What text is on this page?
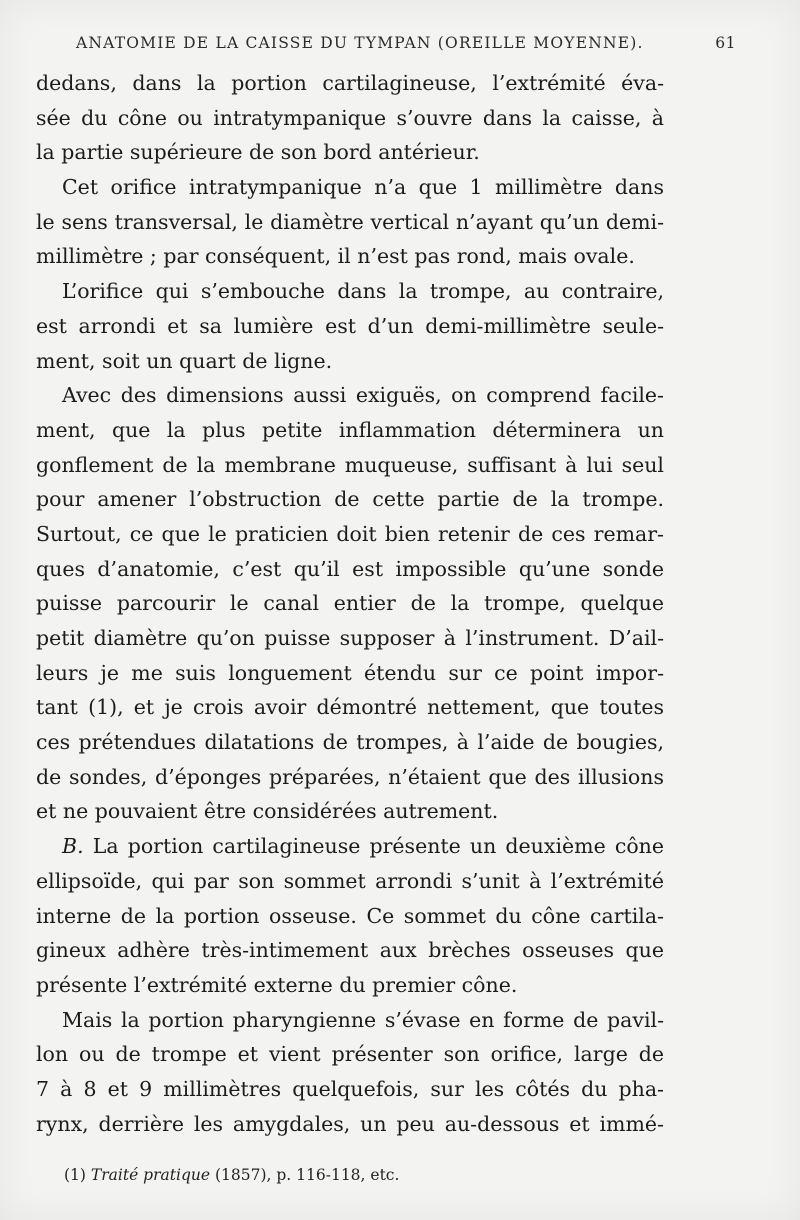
ANATOMIE DE LA CAISSE DU TYMPAN (OREILLE MOYENNE).	61
dedans, dans la portion cartilagineuse, l’extrémité éva-
sée du cône ou intratympanique s’ouvre dans la caisse, à
la partie supérieure de son bord antérieur.
Cet orifice intratympanique n’a que 1 millimètre dans
le sens transversal, le diamètre vertical n’ayant qu’un demi-
millimètre ; par conséquent, il n’est pas rond, mais ovale.
L’orifice qui s’embouche dans la trompe, au contraire,
est arrondi et sa lumière est d’un demi-millimètre seule-
ment, soit un quart de ligne.
Avec des dimensions aussi exiguës, on comprend facile-
ment, que la plus petite inflammation déterminera un
gonflement de la membrane muqueuse, suffisant à lui seul
pour amener l’obstruction de cette partie de la trompe.
Surtout, ce que le praticien doit bien retenir de ces remar-
ques d’anatomie, c’est qu’il est impossible qu’une sonde
puisse parcourir le canal entier de la trompe, quelque
petit diamètre qu’on puisse supposer à l’instrument. D’ail-
leurs je me suis longuement étendu sur ce point impor-
tant (1), et je crois avoir démontré nettement, que toutes
ces prétendues dilatations de trompes, à l’aide de bougies,
de sondes, d’éponges préparées, n’étaient que des illusions
et ne pouvaient être considérées autrement.
B. La portion cartilagineuse présente un deuxième cône
ellipsoïde, qui par son sommet arrondi s’unit à l’extrémité
interne de la portion osseuse. Ce sommet du cône cartila-
gineux adhère très-intimement aux brèches osseuses que
présente l’extrémité externe du premier cône.
Mais la portion pharyngienne s’évase en forme de pavil-
lon ou de trompe et vient présenter son orifice, large de
7 à 8 et 9 millimètres quelquefois, sur les côtés du pha-
rynx, derrière les amygdales, un peu au-dessous et immé-
(1) Traité pratique (1857), p. 116-118, etc.
